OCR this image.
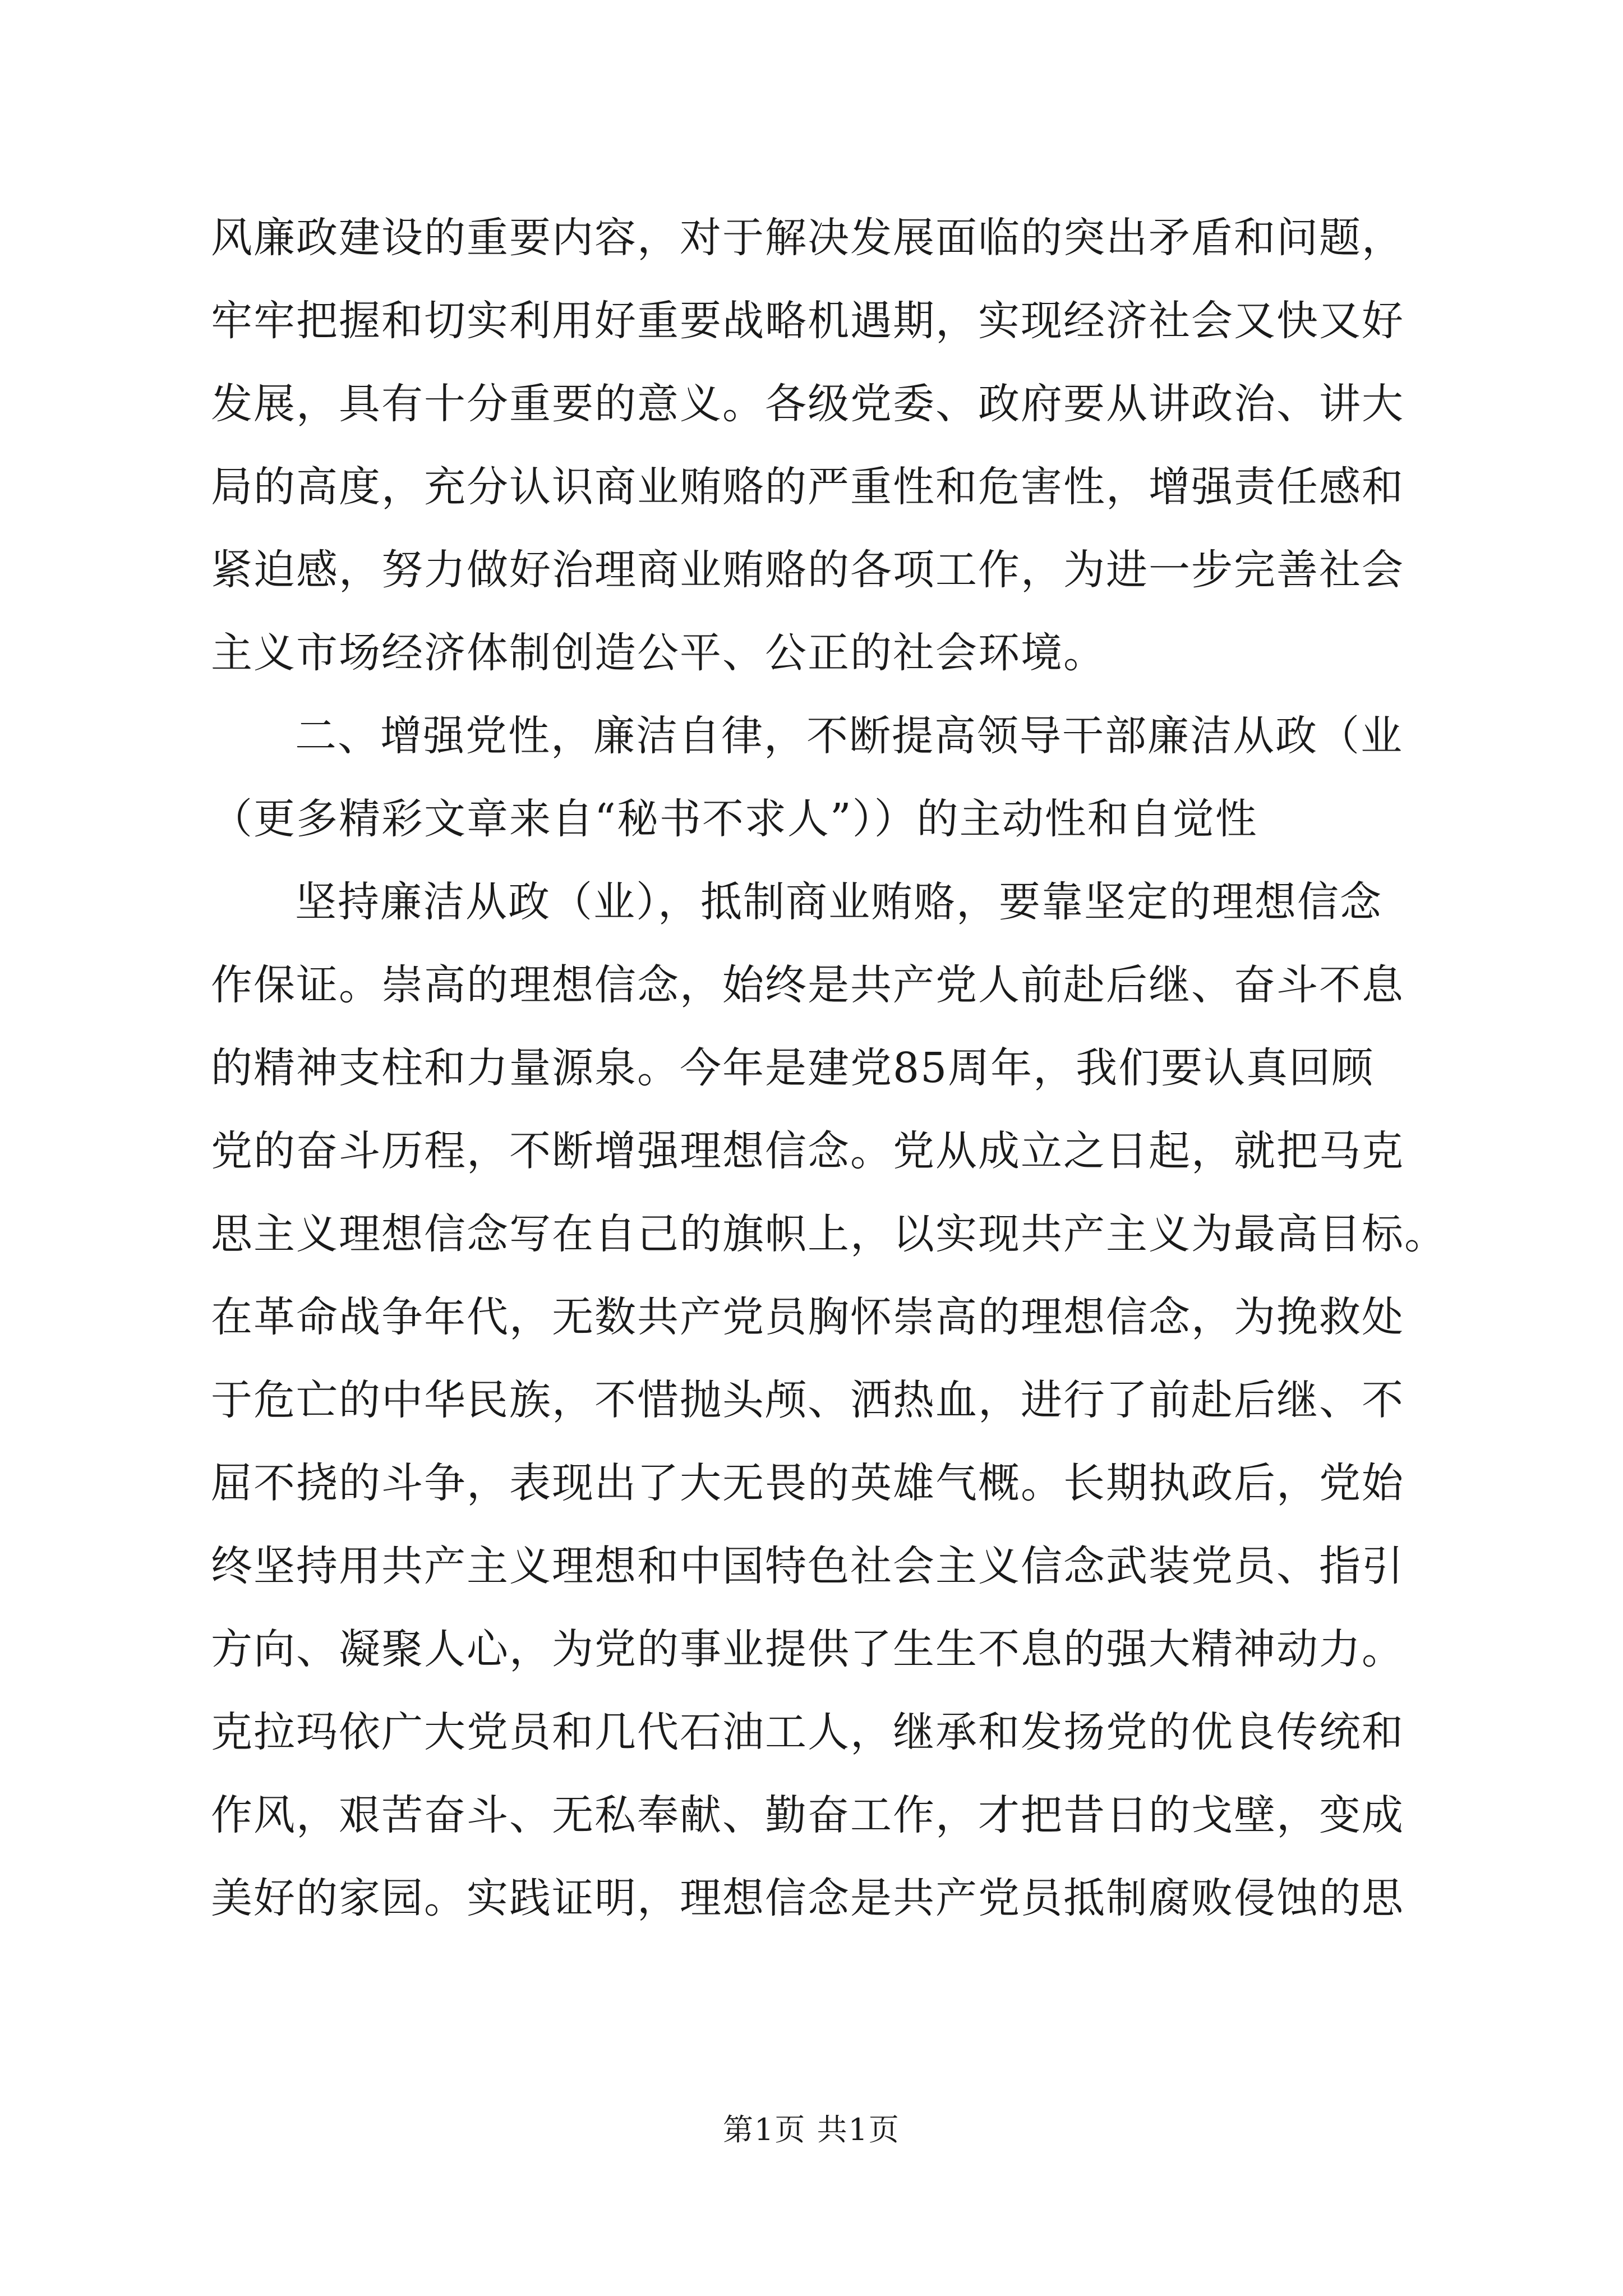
风廉政建设的重要内容，对于解决发展面临的突出矛盾和问题，
牢牢把握和切实利用好重要战略机遇期，实现经济社会又快又好
发展，具有十分重要的意义。各级党委、政府要从讲政治、讲大
局的高度，充分认识商业贿赂的严重性和危害性，增强责任感和
紧迫感，努力做好治理商业贿赂的各项工作，为进一步完善社会
主义市场经济体制创造公平、公正的社会环境。
二、增强党性，廉洁自律，不断提高领导干部廉洁从政（业
（更多精彩文章来自“秘书不求人”））的主动性和自觉性
坚持廉洁从政（业），抵制商业贿赂，要靠坚定的理想信念
作保证。崇高的理想信念，始终是共产党人前赴后继、奋斗不息
的精神支柱和力量源泉。今年是建党85周年，我们要认真回顾
党的奋斗历程，不断增强理想信念。党从成立之日起，就把马克
思主义理想信念写在自己的旗帜上，以实现共产主义为最高目标。
在革命战争年代，无数共产党员胸怀崇高的理想信念，为挽救处
于危亡的中华民族，不惜抛头颅、洒热血，进行了前赴后继、不
屈不挠的斗争，表现出了大无畏的英雄气概。长期执政后，党始
终坚持用共产主义理想和中国特色社会主义信念武装党员、指引
方向、凝聚人心，为党的事业提供了生生不息的强大精神动力。
克拉玛依广大党员和几代石油工人，继承和发扬党的优良传统和
作风，艰苦奋斗、无私奉献、勤奋工作，才把昔日的戈壁，变成
美好的家园。实践证明，理想信念是共产党员抵制腐败侵蚀的思
第1页 共1页
